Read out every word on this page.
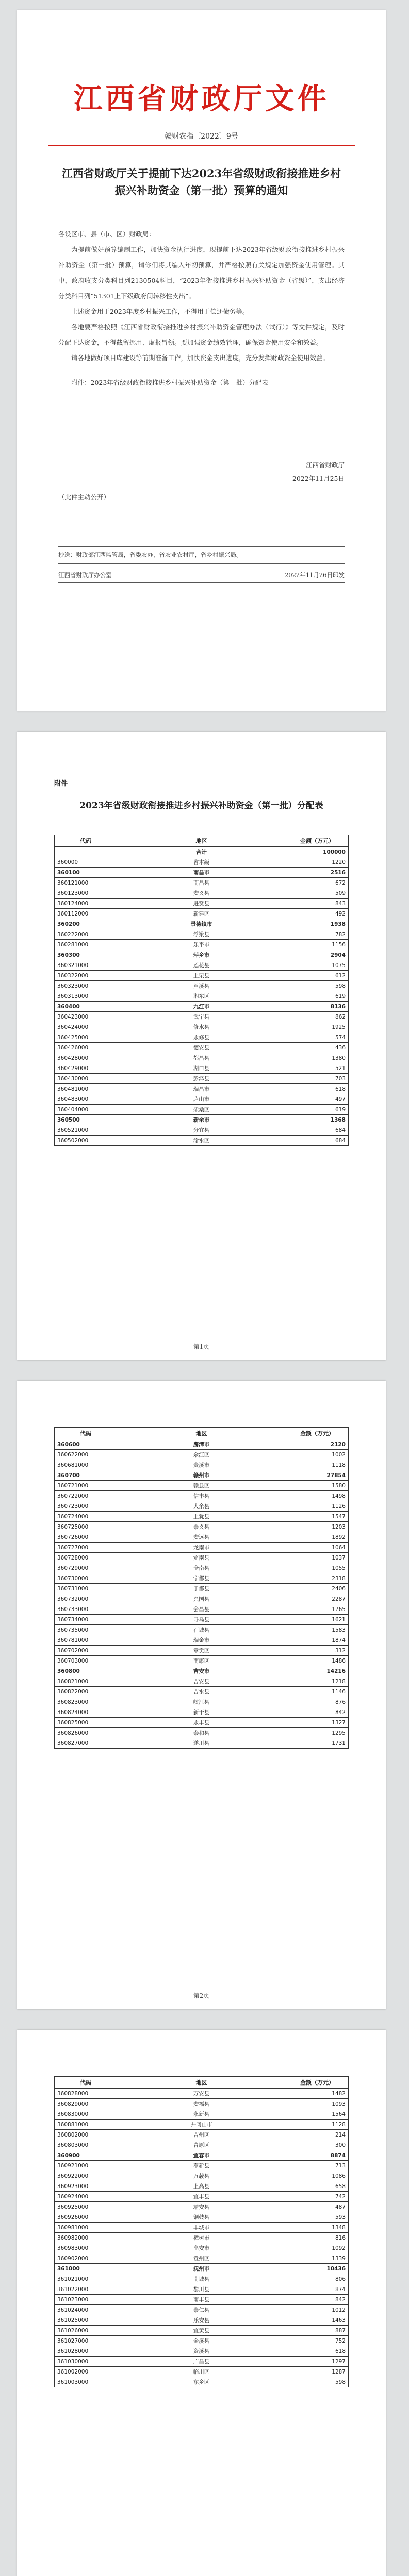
江西省财政厅文件
赣财农指〔2022〕9号
江西省财政厅关于提前下达2023年省级财政衔接推进乡村振兴补助资金（第一批）预算的通知

各设区市、县（市、区）财政局：

为提前做好预算编制工作，加快资金执行进度，现提前下达2023年省级财政衔接推进乡村振兴补助资金（第一批）预算，请你们将其编入年初预算，并严格按照有关规定加强资金使用管理。其中，政府收支分类科目列2130504科目，“2023年衔接推进乡村振兴补助资金（省级）”，支出经济分类科目列“51301上下级政府间转移性支出”。

上述资金用于2023年度乡村振兴工作，不得用于偿还债务等。

各地要严格按照《江西省财政衔接推进乡村振兴补助资金管理办法（试行）》等文件规定，及时分配下达资金，不得截留挪用、虚报冒领。要加强资金绩效管理，确保资金使用安全和效益。

请各地做好项目库建设等前期准备工作，加快资金支出进度，充分发挥财政资金使用效益。

附件：2023年省级财政衔接推进乡村振兴补助资金（第一批）分配表

江西省财政厅
2022年11月25日
（此件主动公开）
抄送：财政部江西监管局，省委农办，省农业农村厅，省乡村振兴局。
江西省财政厅办公室	2022年11月26日印发
附件
2023年省级财政衔接推进乡村振兴补助资金（第一批）分配表
代码	地区	金额（万元）
	合计	100000
360000	省本级	1220
360100	南昌市	2516
360121000	南昌县	672
360123000	安义县	509
360124000	进贤县	843
360112000	新建区	492
360200	景德镇市	1938
360222000	浮梁县	782
360281000	乐平市	1156
360300	萍乡市	2904
360321000	莲花县	1075
360322000	上栗县	612
360323000	芦溪县	598
360313000	湘东区	619
360400	九江市	8136
360423000	武宁县	862
360424000	修水县	1925
360425000	永修县	574
360426000	德安县	436
360428000	都昌县	1380
360429000	湖口县	521
360430000	彭泽县	703
360481000	瑞昌市	618
360483000	庐山市	497
360404000	柴桑区	619
360500	新余市	1368
360521000	分宜县	684
360502000	渝水区	684
第1页
代码	地区	金额（万元）
360600	鹰潭市	2120
360622000	余江区	1002
360681000	贵溪市	1118
360700	赣州市	27854
360721000	赣县区	1580
360722000	信丰县	1498
360723000	大余县	1126
360724000	上犹县	1547
360725000	崇义县	1203
360726000	安远县	1892
360727000	龙南市	1064
360728000	定南县	1037
360729000	全南县	1055
360730000	宁都县	2318
360731000	于都县	2406
360732000	兴国县	2287
360733000	会昌县	1765
360734000	寻乌县	1621
360735000	石城县	1583
360781000	瑞金市	1874
360702000	章贡区	312
360703000	南康区	1486
360800	吉安市	14216
360821000	吉安县	1218
360822000	吉水县	1146
360823000	峡江县	876
360824000	新干县	842
360825000	永丰县	1327
360826000	泰和县	1295
360827000	遂川县	1731
第2页
代码	地区	金额（万元）
360828000	万安县	1482
360829000	安福县	1093
360830000	永新县	1564
360881000	井冈山市	1128
360802000	吉州区	214
360803000	青原区	300
360900	宜春市	8874
360921000	奉新县	713
360922000	万载县	1086
360923000	上高县	658
360924000	宜丰县	742
360925000	靖安县	487
360926000	铜鼓县	593
360981000	丰城市	1348
360982000	樟树市	816
360983000	高安市	1092
360902000	袁州区	1339
361000	抚州市	10436
361021000	南城县	806
361022000	黎川县	874
361023000	南丰县	842
361024000	崇仁县	1012
361025000	乐安县	1463
361026000	宜黄县	887
361027000	金溪县	752
361028000	资溪县	618
361030000	广昌县	1297
361002000	临川区	1287
361003000	东乡区	598
